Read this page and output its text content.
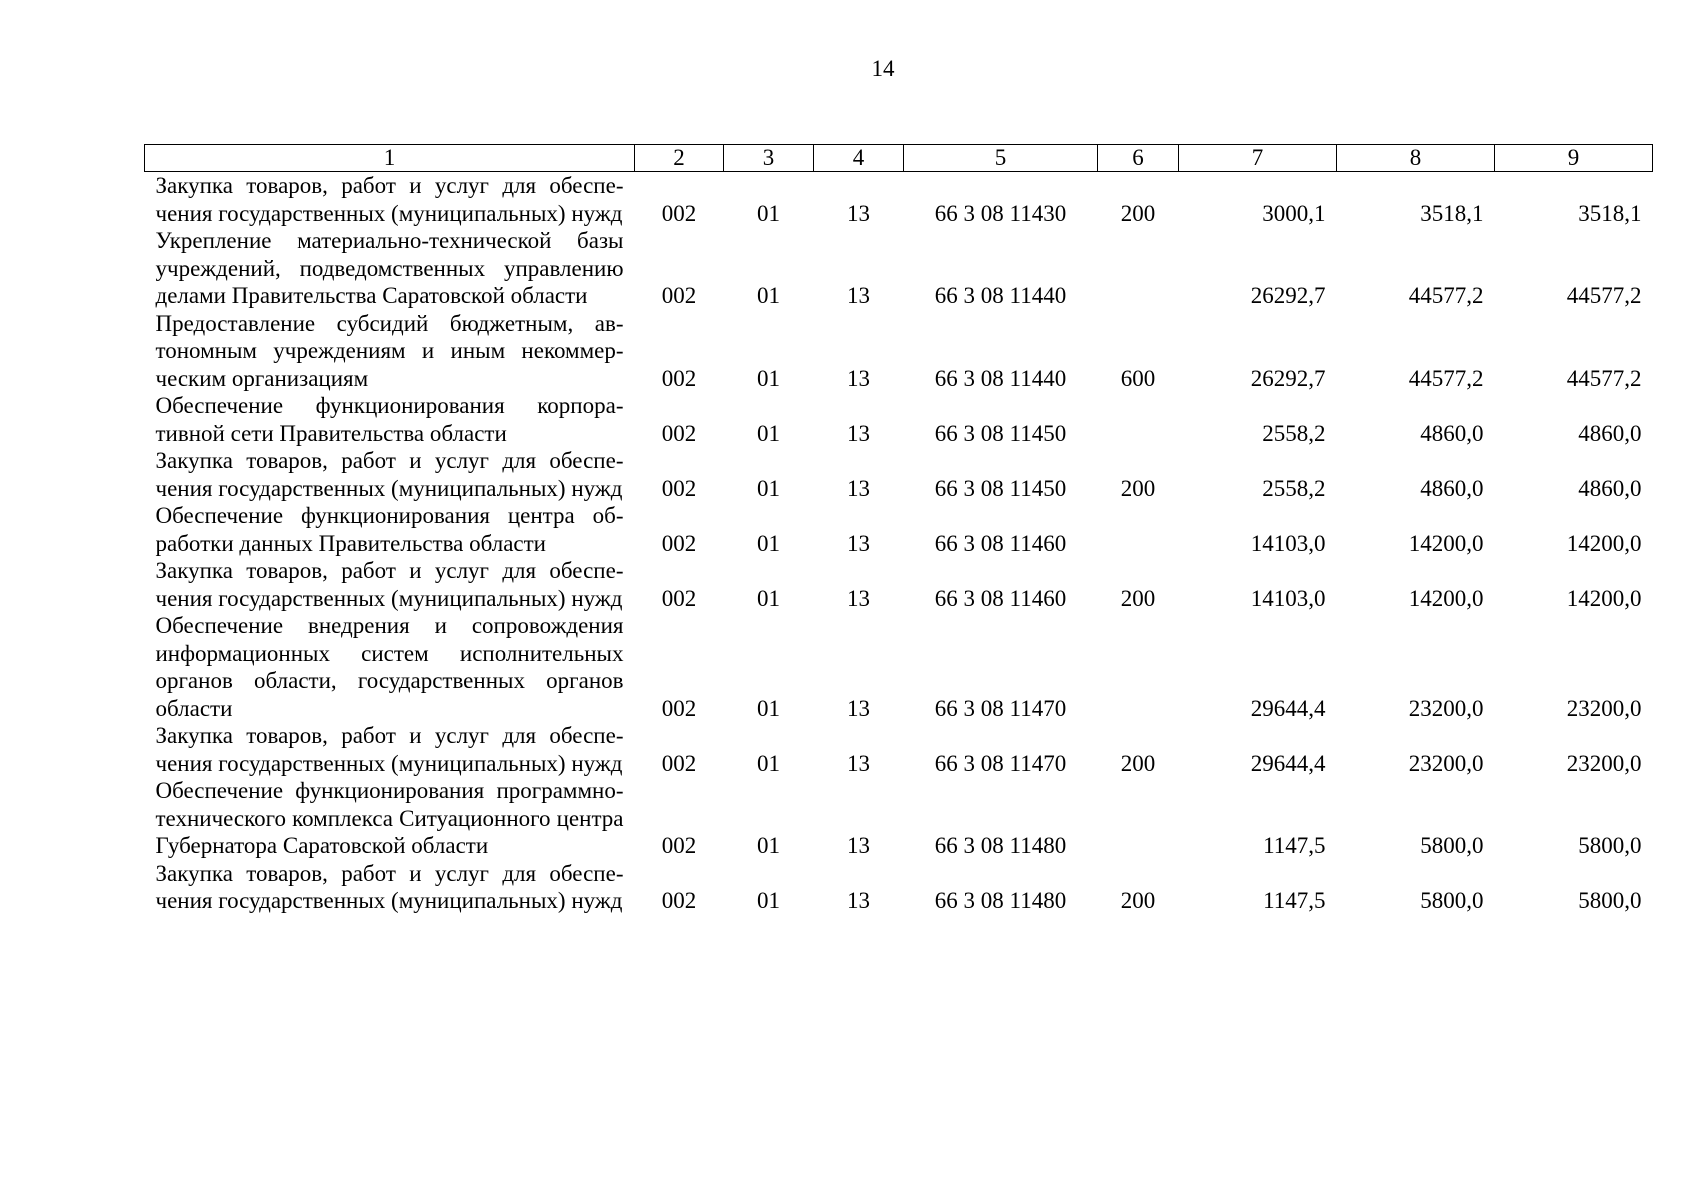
14
1	2	3	4	5	6	7	8	9
Закупка товаров, работ и услуг для обеспечения государственных (муниципальных) нужд	002	01	13	66 3 08 11430	200	3000,1	3518,1	3518,1
Укрепление материально-технической базы учреждений, подведомственных управлению делами Правительства Саратовской области	002	01	13	66 3 08 11440		26292,7	44577,2	44577,2
Предоставление субсидий бюджетным, автономным учреждениям и иным некоммерческим организациям	002	01	13	66 3 08 11440	600	26292,7	44577,2	44577,2
Обеспечение функционирования корпоративной сети Правительства области	002	01	13	66 3 08 11450		2558,2	4860,0	4860,0
Закупка товаров, работ и услуг для обеспечения государственных (муниципальных) нужд	002	01	13	66 3 08 11450	200	2558,2	4860,0	4860,0
Обеспечение функционирования центра обработки данных Правительства области	002	01	13	66 3 08 11460		14103,0	14200,0	14200,0
Закупка товаров, работ и услуг для обеспечения государственных (муниципальных) нужд	002	01	13	66 3 08 11460	200	14103,0	14200,0	14200,0
Обеспечение внедрения и сопровождения информационных систем исполнительных органов области, государственных органов области	002	01	13	66 3 08 11470		29644,4	23200,0	23200,0
Закупка товаров, работ и услуг для обеспечения государственных (муниципальных) нужд	002	01	13	66 3 08 11470	200	29644,4	23200,0	23200,0
Обеспечение функционирования программно-технического комплекса Ситуационного центра Губернатора Саратовской области	002	01	13	66 3 08 11480		1147,5	5800,0	5800,0
Закупка товаров, работ и услуг для обеспечения государственных (муниципальных) нужд	002	01	13	66 3 08 11480	200	1147,5	5800,0	5800,0
